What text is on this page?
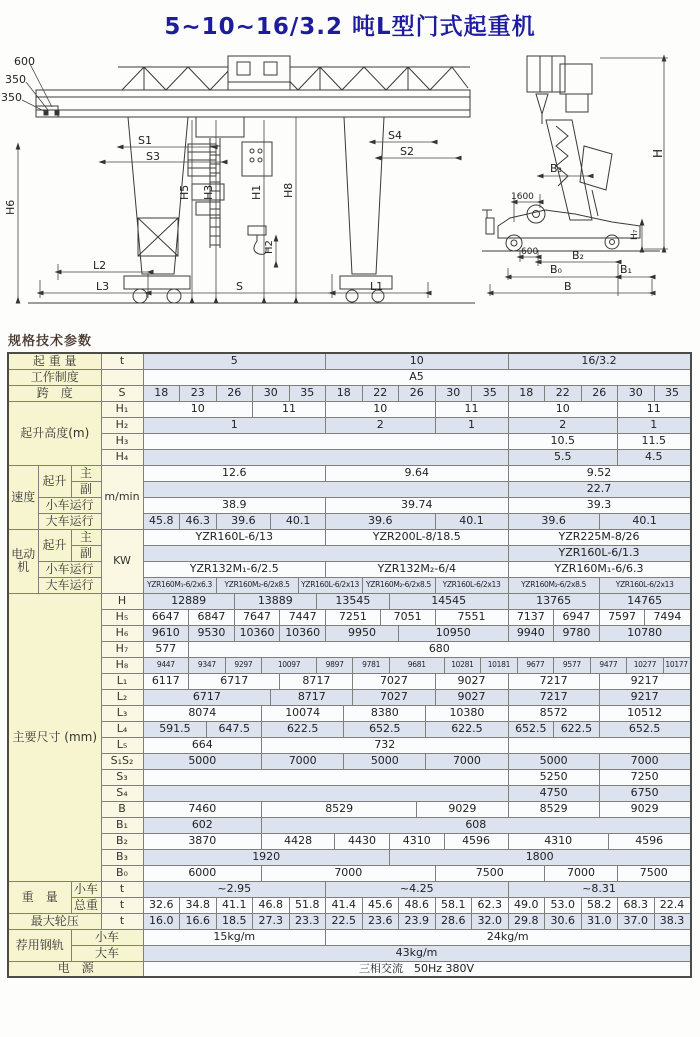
5~10~16/3.2 吨L型门式起重机
600
350
350
S1
S3
S4
S2
H6
H5 H3	H1 H8
H2
L2
L3	S	L1
B₃
1600
600	B₂
B₀	B₁
B
H
H₇
规格技术参数
起 重 量			t	5														10														16/3.2												
工作制度				A5																																								
跨　度			S	18	23			26			30				35			18				22			26			30		35		18		22		26				30			35	
起升高度(m)			H₁	10							11							10										11				10								11				
			H₂	1														2										1				2								1				
			H₃																													10.5								11.5				
			H₄																													5.5								4.5				
速度	起升	主	m/min	12.6														9.64														9.52												
		副																														22.7												
	小车运行			38.9														39.74														39.3												
	大车运行			45.8	46.3			39.6					40.1					39.6										40.1				39.6						40.1						
电动机	起升	主	KW	YZR160L-6/13														YZR200L-8/18.5														YZR225M-8/26												
		副																														YZR160L-6/1.3												
	小车运行			YZR132M₁-6/2.5														YZR132M₂-6/4														YZR160M₁-6/6.3												
	大车运行			YZR160M₁-6/2x6.3				YZR160M₂-6/2x8.5								YZR160L-6/2x13						YZR160M₂-6/2x8.5						YZR160L-6/2x13				YZR160M₂-6/2x8.5						YZR160L-6/2x13						
主要尺寸 (mm)			H	12889						13889							13545							14545								13765						14765						
			H₅	6647		6847				7647				7447				7251					7051					7551				7137			6947			7597				7494		
			H₆	9610		9530				10360				10360				9950							10950							9940			9780			10780						
			H₇	577		680																																						
			H₈	9447		9347			9297			10097					9897				9781			9681					10281		10181		9677		9577		9477				10277			10177
			L₁	6117		6717								8717							7027							9027				7217						9217						
			L₂	6717									8717								7027							9027				7217						9217						
			L₃	8074								10074								8380							10380					8572						10512						
			L₄	591.5			647.5					622.5								652.5							622.5					652.5			622.5			652.5						
			L₅	664								732																																
			S₁S₂	5000								7000								5000							7000					5000						7000						
			S₃																													5250						7250						
			S₄																													4750						6750						
			B	7460								8529														9029						8529						9029						
			B₁	602								608																																
			B₂	3870								4428							4430					4310					4596			4310							4596					
			B₃	1920																				1800																				
			B₀	6000								7000																7500						7000						7500				
重　量		小车	t	~2.95														~4.25														~8.31												
		总重	t	32.6	34.8			41.1			46.8				51.8			41.4				45.6			48.6			58.1		62.3		49.0		53.0		58.2				68.3			22.4	
最大轮压			t	16.0	16.6			18.5			27.3				23.3			22.5				23.6			23.9			28.6		32.0		29.8		30.6		31.0				37.0			38.3	
荐用钢轨		小车		15kg/m														24kg/m																										
		大车		43kg/m																																								
电　源				三相交流　50Hz 380V																																								
